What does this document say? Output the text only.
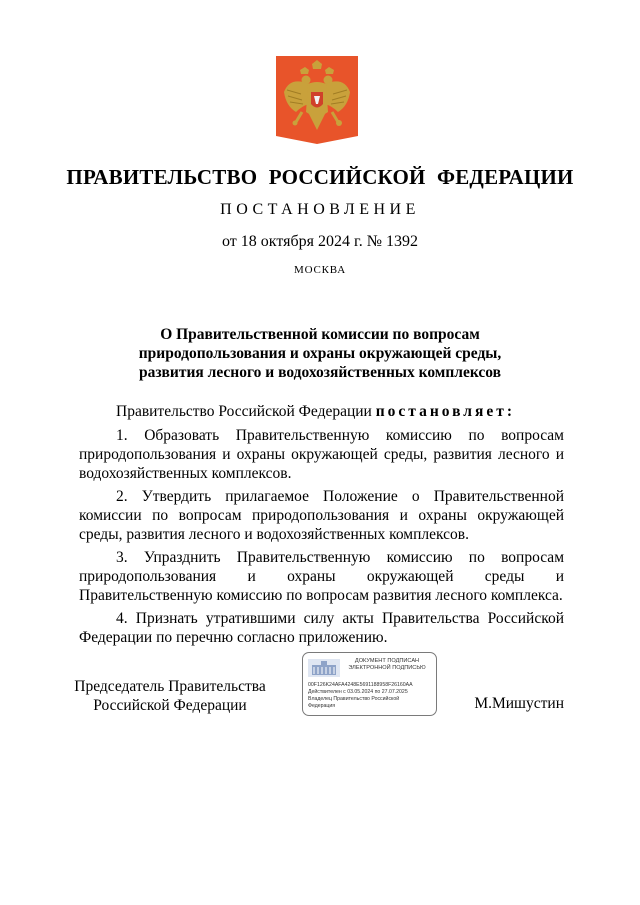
ПРАВИТЕЛЬСТВО РОССИЙСКОЙ ФЕДЕРАЦИИ
ПОСТАНОВЛЕНИЕ
от 18 октября 2024 г. № 1392
МОСКВА
О Правительственной комиссии по вопросам
природопользования и охраны окружающей среды,
развития лесного и водохозяйственных комплексов

Правительство Российской Федерации постановляет:

1. Образовать Правительственную комиссию по вопросам природопользования и охраны окружающей среды, развития лесного и водохозяйственных комплексов.

2. Утвердить прилагаемое Положение о Правительственной комиссии по вопросам природопользования и охраны окружающей среды, развития лесного и водохозяйственных комплексов.

3. Упразднить Правительственную комиссию по вопросам природопользования и охраны окружающей среды и Правительственную комиссию по вопросам развития лесного комплекса.

4. Признать утратившими силу акты Правительства Российской Федерации по перечню согласно приложению.

Председатель Правительства
Российской Федерации
ДОКУМЕНТ ПОДПИСАН
ЭЛЕКТРОННОЙ ПОДПИСЬЮ
00F126K24AFA4248E5691188958F26160AA
Действителен с 03.05.2024 по 27.07.2025
Владелец Правительство Российской
Федерация	М.Мишустин
